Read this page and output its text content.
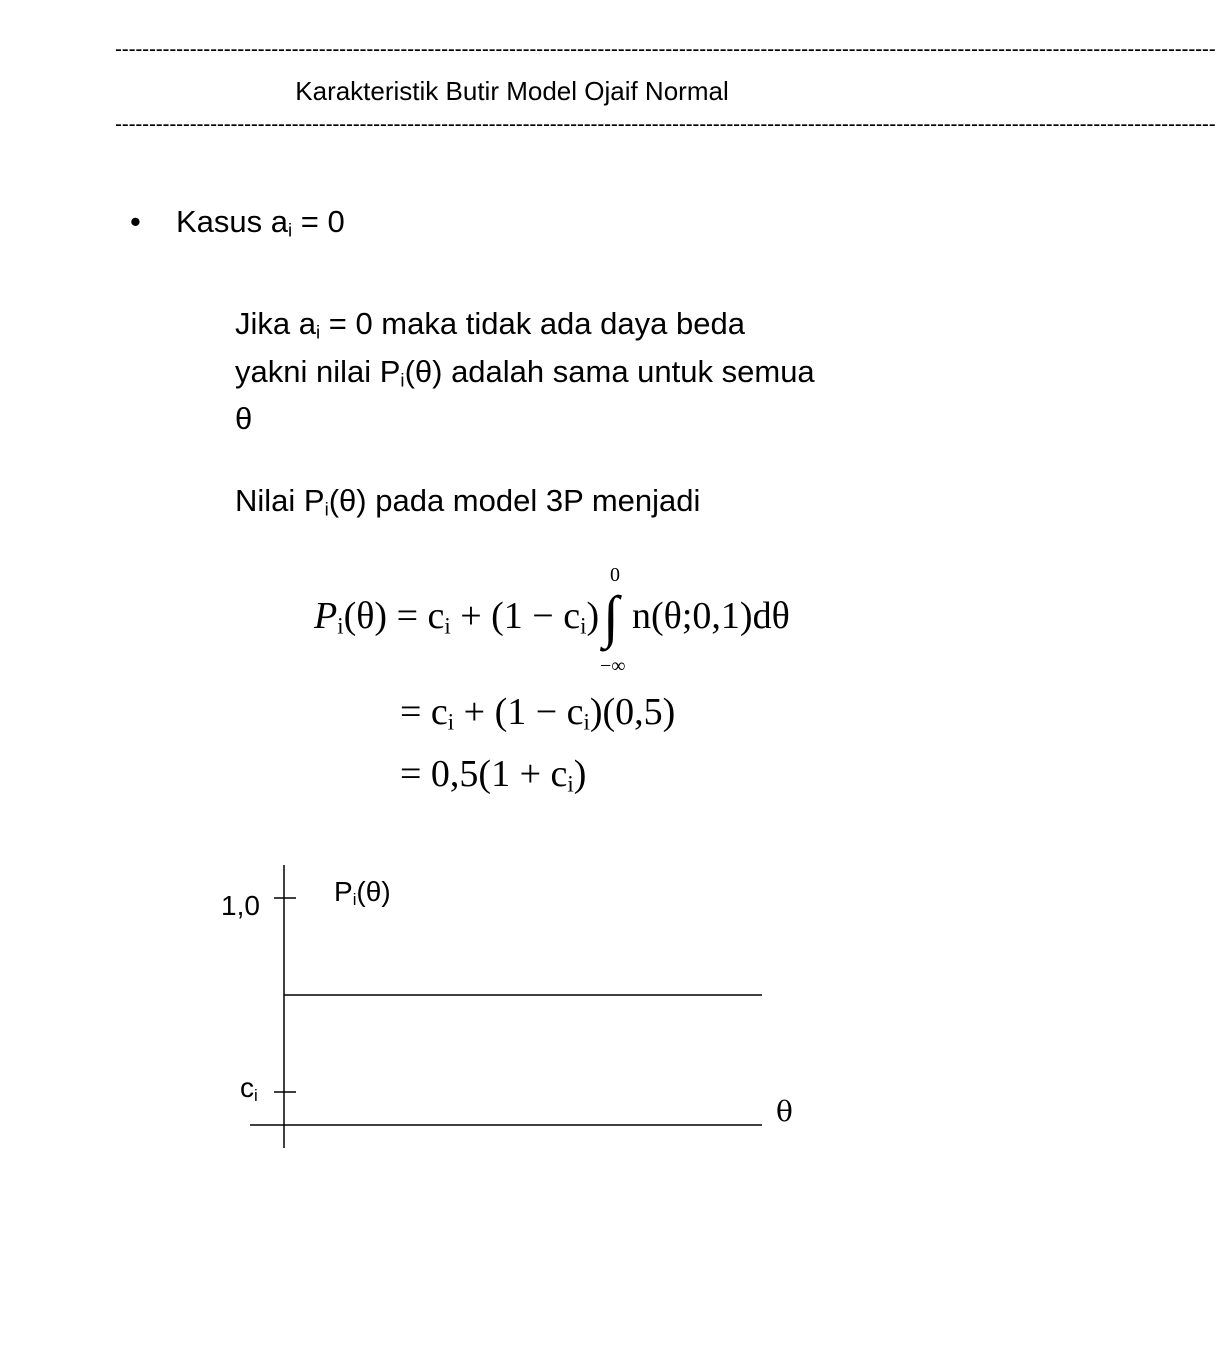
------------------------------------------------------------------------------------------------------------------------------------------------------------------
Karakteristik Butir Model Ojaif Normal
------------------------------------------------------------------------------------------------------------------------------------------------------------------
• Kasus $a_i = 0$
Jika $a_i = 0$ maka tidak ada daya beda
yakni nilai $P_i(\theta)$ adalah sama untuk semua
θ
Nilai $P_i(\theta)$ pada model 3P menjadi
$P_i(\theta) = c_i + (1 - c_i)$
0
∫
−∞
n(θ;0,1)dθ
= $c_i + (1 - c_i)(0,5)$
= $0,5(1 + c_i)$
1,0
$c_i$
$P_i(\theta)$
θ
